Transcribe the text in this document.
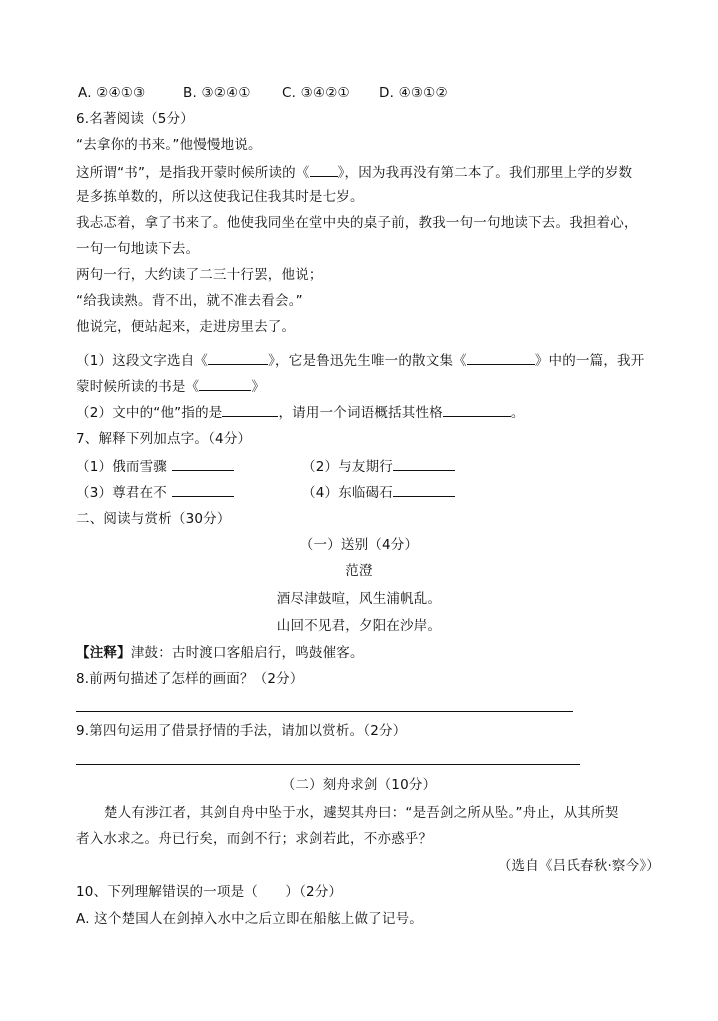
A. ②④①③	B. ③②④① C. ③④②① D. ④③①②
6.名著阅读（5分）
“去拿你的书来。”他慢慢地说。
这所谓“书”，是指我开蒙时候所读的《 》，因为我再没有第二本了。我们那里上学的岁数
是多拣单数的，所以这使我记住我其时是七岁。
我忐忑着，拿了书来了。他使我同坐在堂中央的桌子前，教我一句一句地读下去。我担着心，
一句一句地读下去。
两句一行，大约读了二三十行罢，他说；
“给我读熟。背不出，就不准去看会。”
他说完，便站起来，走进房里去了。
（1）这段文字选自《	》，它是鲁迅先生唯一的散文集《	》中的一篇，我开
蒙时候所读的书是《	》
（2）文中的“他”指的是	，请用一个词语概括其性格	。
7、解释下列加点字。（4分）
（1）俄而雪骤	（2）与友期行
（3）尊君在不	（4）东临碣石
二、阅读与赏析（30分）
（一）送别（4分）
范澄
酒尽津鼓喧，风生浦帆乱。
山回不见君，夕阳在沙岸。
【注释】津鼓：古时渡口客船启行，鸣鼓催客。
8.前两句描述了怎样的画面？（2分）
9.第四句运用了借景抒情的手法，请加以赏析。（2分）
（二）刻舟求剑（10分）
楚人有涉江者，其剑自舟中坠于水，遽契其舟曰：“是吾剑之所从坠。”舟止，从其所契
者入水求之。舟已行矣，而剑不行；求剑若此，不亦惑乎？
（选自《吕氏春秋·察今》）
10、下列理解错误的一项是（　　）（2分）
A. 这个楚国人在剑掉入水中之后立即在船舷上做了记号。
